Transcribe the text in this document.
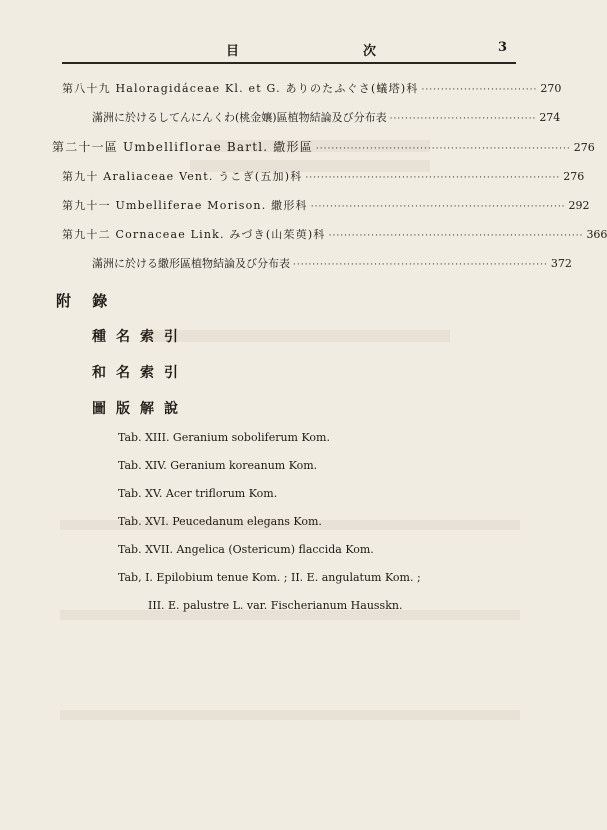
目	次	3
第八十九 Haloragidáceae Kl. et G. ありのたふぐさ(蟻塔)科 ······························ 270
滿洲に於けるしてんにんくわ(桃金孃)區植物結論及び分布表 ······································ 274
第二十一區 Umbelliflorae Bartl. 繖形區 ·································································· 276
第九十 Araliaceae Vent. うこぎ(五加)科 ·································································· 276
第九十一 Umbelliferae Morison. 繖形科 ·································································· 292
第九十二 Cornaceae Link. みづき(山茱萸)科 ·································································· 366
滿洲に於ける繖形區植物結論及び分布表 ·································································· 372
附 錄
種名索引
和名索引
圖版解說
Tab. XIII. Geranium soboliferum Kom.
Tab. XIV. Geranium koreanum Kom.
Tab. XV. Acer triflorum Kom.
Tab. XVI. Peucedanum elegans Kom.
Tab. XVII. Angelica (Ostericum) flaccida Kom.
Tab, I. Epilobium tenue Kom. ; II. E. angulatum Kom. ;
III. E. palustre L. var. Fischerianum Hausskn.
